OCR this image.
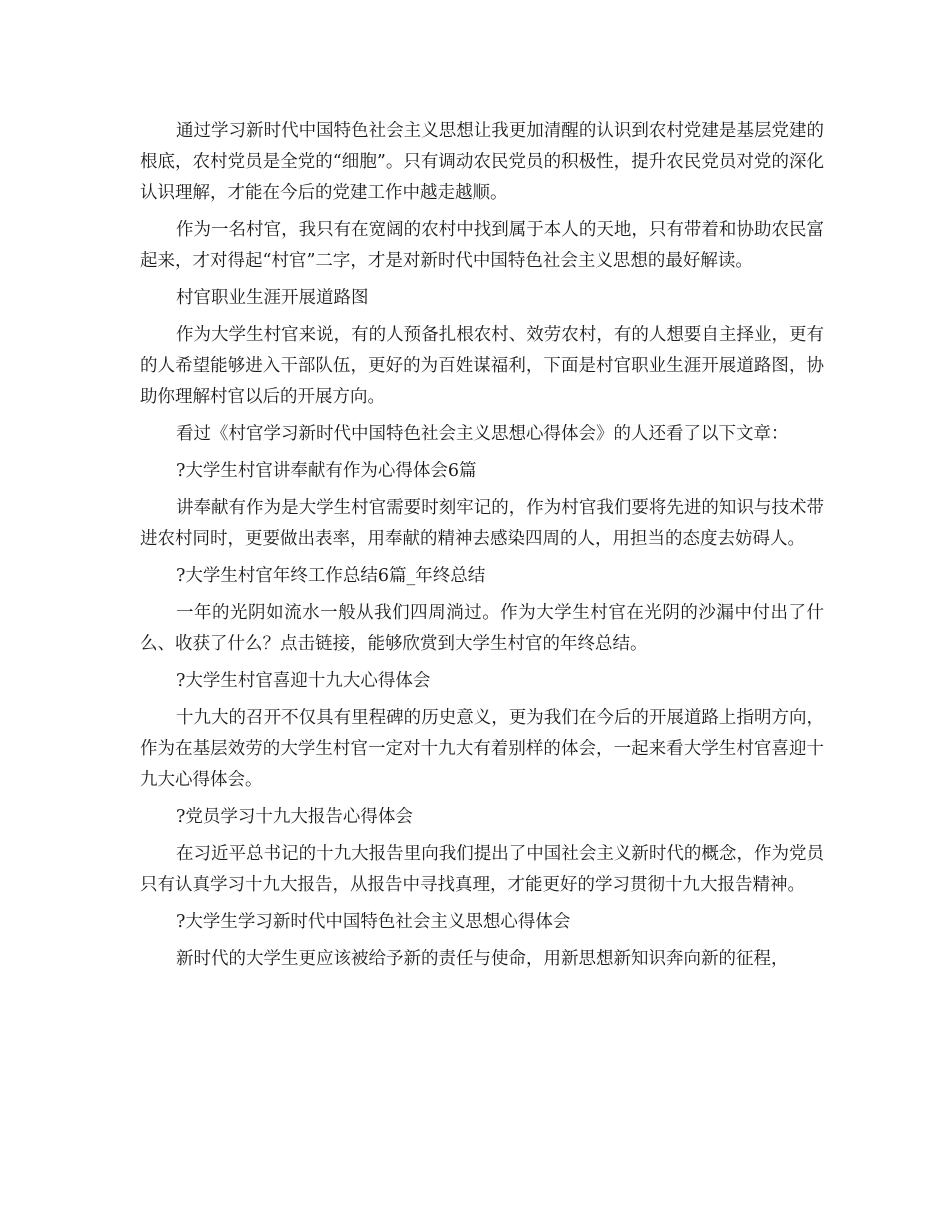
通过学习新时代中国特色社会主义思想让我更加清醒的认识到农村党建是基层党建的根底，农村党员是全党的“细胞”。只有调动农民党员的积极性，提升农民党员对党的深化认识理解，才能在今后的党建工作中越走越顺。

作为一名村官，我只有在宽阔的农村中找到属于本人的天地，只有带着和协助农民富起来，才对得起“村官”二字，才是对新时代中国特色社会主义思想的最好解读。

村官职业生涯开展道路图

作为大学生村官来说，有的人预备扎根农村、效劳农村，有的人想要自主择业，更有的人希望能够进入干部队伍，更好的为百姓谋福利，下面是村官职业生涯开展道路图，协助你理解村官以后的开展方向。

看过《村官学习新时代中国特色社会主义思想心得体会》的人还看了以下文章：

?大学生村官讲奉献有作为心得体会6篇

讲奉献有作为是大学生村官需要时刻牢记的，作为村官我们要将先进的知识与技术带进农村同时，更要做出表率，用奉献的精神去感染四周的人，用担当的态度去妨碍人。

?大学生村官年终工作总结6篇_年终总结

一年的光阴如流水一般从我们四周淌过。作为大学生村官在光阴的沙漏中付出了什么、收获了什么？点击链接，能够欣赏到大学生村官的年终总结。

?大学生村官喜迎十九大心得体会

十九大的召开不仅具有里程碑的历史意义，更为我们在今后的开展道路上指明方向，作为在基层效劳的大学生村官一定对十九大有着别样的体会，一起来看大学生村官喜迎十九大心得体会。

?党员学习十九大报告心得体会

在习近平总书记的十九大报告里向我们提出了中国社会主义新时代的概念，作为党员只有认真学习十九大报告，从报告中寻找真理，才能更好的学习贯彻十九大报告精神。

?大学生学习新时代中国特色社会主义思想心得体会

新时代的大学生更应该被给予新的责任与使命，用新思想新知识奔向新的征程，
